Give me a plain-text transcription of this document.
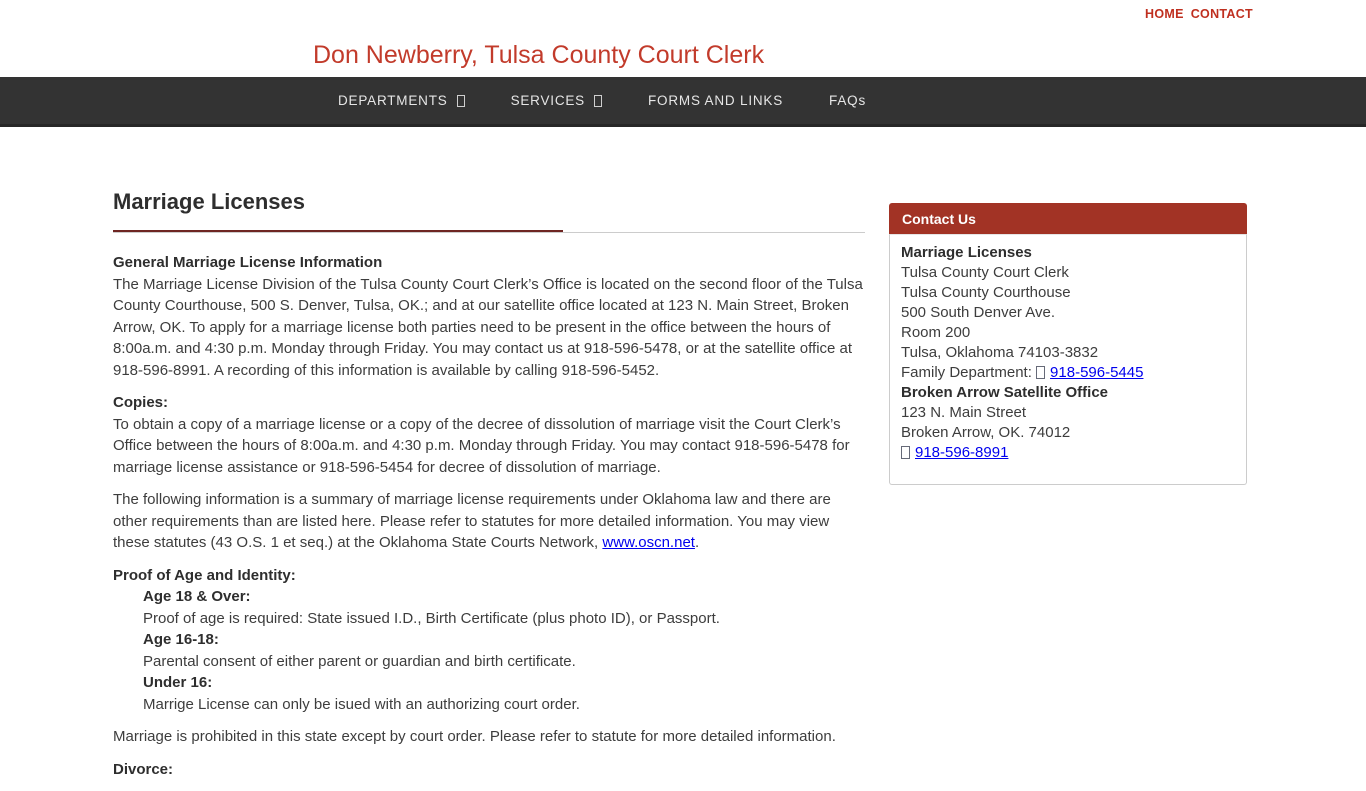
HOME CONTACT
Don Newberry, Tulsa County Court Clerk
DEPARTMENTS	SERVICES	FORMS AND LINKS	FAQs
Marriage Licenses

General Marriage License Information
The Marriage License Division of the Tulsa County Court Clerk’s Office is located on the second floor of the Tulsa County Courthouse, 500 S. Denver, Tulsa, OK.; and at our satellite office located at 123 N. Main Street, Broken Arrow, OK. To apply for a marriage license both parties need to be present in the office between the hours of 8:00a.m. and 4:30 p.m. Monday through Friday. You may contact us at 918-596-5478, or at the satellite office at 918-596-8991. A recording of this information is available by calling 918-596-5452.

Copies:
To obtain a copy of a marriage license or a copy of the decree of dissolution of marriage visit the Court Clerk’s Office between the hours of 8:00a.m. and 4:30 p.m. Monday through Friday. You may contact 918-596-5478 for marriage license assistance or 918-596-5454 for decree of dissolution of marriage.

The following information is a summary of marriage license requirements under Oklahoma law and there are other requirements than are listed here. Please refer to statutes for more detailed information. You may view these statutes (43 O.S. 1 et seq.) at the Oklahoma State Courts Network, www.oscn.net.

Proof of Age and Identity:
Age 18 & Over:
Proof of age is required: State issued I.D., Birth Certificate (plus photo ID), or Passport.
Age 16-18:
Parental consent of either parent or guardian and birth certificate.
Under 16:
Marrige License can only be isued with an authorizing court order.

Marriage is prohibited in this state except by court order. Please refer to statute for more detailed information.

Divorce:

Contact Us
Marriage Licenses
Tulsa County Court Clerk
Tulsa County Courthouse
500 South Denver Ave.
Room 200
Tulsa, Oklahoma 74103-3832
Family Department: 918-596-5445
Broken Arrow Satellite Office
123 N. Main Street
Broken Arrow, OK. 74012
918-596-8991
